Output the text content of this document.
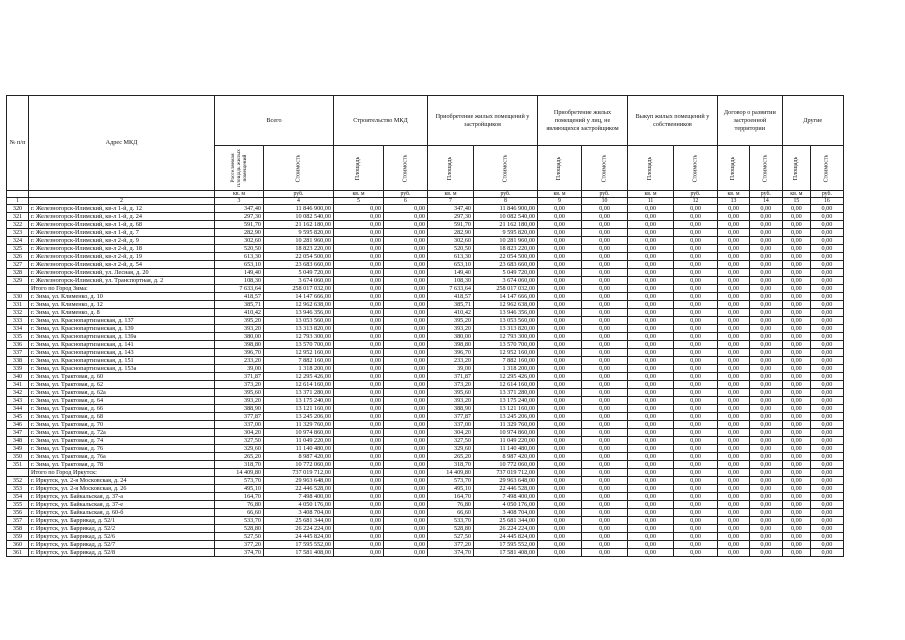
№ п/п	Адрес МКД	Всего		Строительство МКД		Приобретение жилых помещений у застройщиков		Приобретение жилых помещений у лиц, не являющихся застройщиком		Выкуп жилых помещений у собственников		Договор о развитии застроенной территории		Другие	
		Расселяемая площадь жилых помещений	Стоимость	Площадь	Стоимость	Площадь	Стоимость	Площадь	Стоимость	Площадь	Стоимость	Площадь	Стоимость	Площадь	Стоимость
		кв. м	руб.	кв. м	руб.	кв. м	руб.	кв. м	руб.	кв. м	руб.	кв. м	руб.	кв. м	руб.
1	2	3	4	5	6	7	8	9	10	11	12	13	14	15	16
320	г. Железногорск-Илимский, кв-л 1-й, д. 12	347,40	11 846 900,00	0,00	0,00	347,40	11 846 900,00	0,00	0,00	0,00	0,00	0,00	0,00	0,00	0,00
321	г. Железногорск-Илимский, кв-л 1-й, д. 24	297,30	10 082 540,00	0,00	0,00	297,30	10 082 540,00	0,00	0,00	0,00	0,00	0,00	0,00	0,00	0,00
322	г. Железногорск-Илимский, кв-л 1-й, д. 68	591,70	21 162 180,00	0,00	0,00	591,70	21 162 180,00	0,00	0,00	0,00	0,00	0,00	0,00	0,00	0,00
323	г. Железногорск-Илимский, кв-л 1-й, д. 7	282,90	9 595 820,00	0,00	0,00	282,90	9 595 820,00	0,00	0,00	0,00	0,00	0,00	0,00	0,00	0,00
324	г. Железногорск-Илимский, кв-л 2-й, д. 9	302,60	10 281 960,00	0,00	0,00	302,60	10 281 960,00	0,00	0,00	0,00	0,00	0,00	0,00	0,00	0,00
325	г. Железногорск-Илимский, кв-л 2-й, д. 18	520,50	18 823 220,00	0,00	0,00	520,50	18 823 220,00	0,00	0,00	0,00	0,00	0,00	0,00	0,00	0,00
326	г. Железногорск-Илимский, кв-л 2-й, д. 19	613,30	22 054 500,00	0,00	0,00	613,30	22 054 500,00	0,00	0,00	0,00	0,00	0,00	0,00	0,00	0,00
327	г. Железногорск-Илимский, кв-л 2-й, д. 54	653,10	23 683 660,00	0,00	0,00	653,10	23 683 660,00	0,00	0,00	0,00	0,00	0,00	0,00	0,00	0,00
328	г. Железногорск-Илимский, ул. Лесная, д. 20	149,40	5 049 720,00	0,00	0,00	149,40	5 049 720,00	0,00	0,00	0,00	0,00	0,00	0,00	0,00	0,00
329	г. Железногорск-Илимский, ул. Транспортная, д. 2	108,30	3 674 060,00	0,00	0,00	108,30	3 674 060,00	0,00	0,00	0,00	0,00	0,00	0,00	0,00	0,00
	Итого по Город Зима:	7 633,64	258 017 032,00	0,00	0,00	7 633,64	258 017 032,00	0,00	0,00	0,00	0,00	0,00	0,00	0,00	0,00
330	г. Зима, ул. Клименко, д. 10	418,57	14 147 666,00	0,00	0,00	418,57	14 147 666,00	0,00	0,00	0,00	0,00	0,00	0,00	0,00	0,00
331	г. Зима, ул. Клименко, д. 12	385,71	12 962 638,00	0,00	0,00	385,71	12 962 638,00	0,00	0,00	0,00	0,00	0,00	0,00	0,00	0,00
332	г. Зима, ул. Клименко, д. 8	410,42	13 946 356,00	0,00	0,00	410,42	13 946 356,00	0,00	0,00	0,00	0,00	0,00	0,00	0,00	0,00
333	г. Зима, ул. Краснопартизанская, д. 137	395,20	13 053 560,00	0,00	0,00	395,20	13 053 560,00	0,00	0,00	0,00	0,00	0,00	0,00	0,00	0,00
334	г. Зима, ул. Краснопартизанская, д. 139	393,20	13 313 820,00	0,00	0,00	393,20	13 313 820,00	0,00	0,00	0,00	0,00	0,00	0,00	0,00	0,00
335	г. Зима, ул. Краснопартизанская, д. 139а	380,00	12 793 300,00	0,00	0,00	380,00	12 793 300,00	0,00	0,00	0,00	0,00	0,00	0,00	0,00	0,00
336	г. Зима, ул. Краснопартизанская, д. 141	398,80	13 570 700,00	0,00	0,00	398,80	13 570 700,00	0,00	0,00	0,00	0,00	0,00	0,00	0,00	0,00
337	г. Зима, ул. Краснопартизанская, д. 143	396,70	12 952 160,00	0,00	0,00	396,70	12 952 160,00	0,00	0,00	0,00	0,00	0,00	0,00	0,00	0,00
338	г. Зима, ул. Краснопартизанская, д. 151	233,20	7 882 160,00	0,00	0,00	233,20	7 882 160,00	0,00	0,00	0,00	0,00	0,00	0,00	0,00	0,00
339	г. Зима, ул. Краснопартизанская, д. 153а	39,00	1 318 200,00	0,00	0,00	39,00	1 318 200,00	0,00	0,00	0,00	0,00	0,00	0,00	0,00	0,00
340	г. Зима, ул. Трактовая, д. 60	371,87	12 295 426,00	0,00	0,00	371,87	12 295 426,00	0,00	0,00	0,00	0,00	0,00	0,00	0,00	0,00
341	г. Зима, ул. Трактовая, д. 62	373,20	12 614 160,00	0,00	0,00	373,20	12 614 160,00	0,00	0,00	0,00	0,00	0,00	0,00	0,00	0,00
342	г. Зима, ул. Трактовая, д. 62а	395,60	13 371 280,00	0,00	0,00	395,60	13 371 280,00	0,00	0,00	0,00	0,00	0,00	0,00	0,00	0,00
343	г. Зима, ул. Трактовая, д. 64	393,20	13 175 240,00	0,00	0,00	393,20	13 175 240,00	0,00	0,00	0,00	0,00	0,00	0,00	0,00	0,00
344	г. Зима, ул. Трактовая, д. 66	388,90	13 121 160,00	0,00	0,00	388,90	13 121 160,00	0,00	0,00	0,00	0,00	0,00	0,00	0,00	0,00
345	г. Зима, ул. Трактовая, д. 68	377,87	13 245 206,00	0,00	0,00	377,87	13 245 206,00	0,00	0,00	0,00	0,00	0,00	0,00	0,00	0,00
346	г. Зима, ул. Трактовая, д. 70	337,00	11 329 760,00	0,00	0,00	337,00	11 329 760,00	0,00	0,00	0,00	0,00	0,00	0,00	0,00	0,00
347	г. Зима, ул. Трактовая, д. 72а	304,20	10 974 860,00	0,00	0,00	304,20	10 974 860,00	0,00	0,00	0,00	0,00	0,00	0,00	0,00	0,00
348	г. Зима, ул. Трактовая, д. 74	327,50	11 049 220,00	0,00	0,00	327,50	11 049 220,00	0,00	0,00	0,00	0,00	0,00	0,00	0,00	0,00
349	г. Зима, ул. Трактовая, д. 76	329,60	11 140 480,00	0,00	0,00	329,60	11 140 480,00	0,00	0,00	0,00	0,00	0,00	0,00	0,00	0,00
350	г. Зима, ул. Трактовая, д. 76а	265,20	8 987 420,00	0,00	0,00	265,20	8 987 420,00	0,00	0,00	0,00	0,00	0,00	0,00	0,00	0,00
351	г. Зима, ул. Трактовая, д. 78	318,70	10 772 060,00	0,00	0,00	318,70	10 772 060,00	0,00	0,00	0,00	0,00	0,00	0,00	0,00	0,00
	Итого по Город Иркутск:	14 409,80	737 019 712,00	0,00	0,00	14 409,80	737 019 712,00	0,00	0,00	0,00	0,00	0,00	0,00	0,00	0,00
352	г. Иркутск, ул. 2-я Московская, д. 24	573,70	29 963 648,00	0,00	0,00	573,70	29 963 648,00	0,00	0,00	0,00	0,00	0,00	0,00	0,00	0,00
353	г. Иркутск, ул. 2-я Московская, д. 26	495,10	22 446 528,00	0,00	0,00	495,10	22 446 528,00	0,00	0,00	0,00	0,00	0,00	0,00	0,00	0,00
354	г. Иркутск, ул. Байкальская, д. 37-а	164,70	7 498 400,00	0,00	0,00	164,70	7 498 400,00	0,00	0,00	0,00	0,00	0,00	0,00	0,00	0,00
355	г. Иркутск, ул. Байкальская, д. 37-е	76,80	4 050 176,00	0,00	0,00	76,80	4 050 176,00	0,00	0,00	0,00	0,00	0,00	0,00	0,00	0,00
356	г. Иркутск, ул. Байкальская, д. 60-б	66,60	3 408 704,00	0,00	0,00	66,60	3 408 704,00	0,00	0,00	0,00	0,00	0,00	0,00	0,00	0,00
357	г. Иркутск, ул. Баррикад, д. 52/1	533,70	25 681 344,00	0,00	0,00	533,70	25 681 344,00	0,00	0,00	0,00	0,00	0,00	0,00	0,00	0,00
358	г. Иркутск, ул. Баррикад, д. 52/2	528,80	26 224 224,00	0,00	0,00	528,80	26 224 224,00	0,00	0,00	0,00	0,00	0,00	0,00	0,00	0,00
359	г. Иркутск, ул. Баррикад, д. 52/6	527,50	24 445 824,00	0,00	0,00	527,50	24 445 824,00	0,00	0,00	0,00	0,00	0,00	0,00	0,00	0,00
360	г. Иркутск, ул. Баррикад, д. 52/7	377,20	17 595 552,00	0,00	0,00	377,20	17 595 552,00	0,00	0,00	0,00	0,00	0,00	0,00	0,00	0,00
361	г. Иркутск, ул. Баррикад, д. 52/8	374,70	17 581 408,00	0,00	0,00	374,70	17 581 408,00	0,00	0,00	0,00	0,00	0,00	0,00	0,00	0,00
